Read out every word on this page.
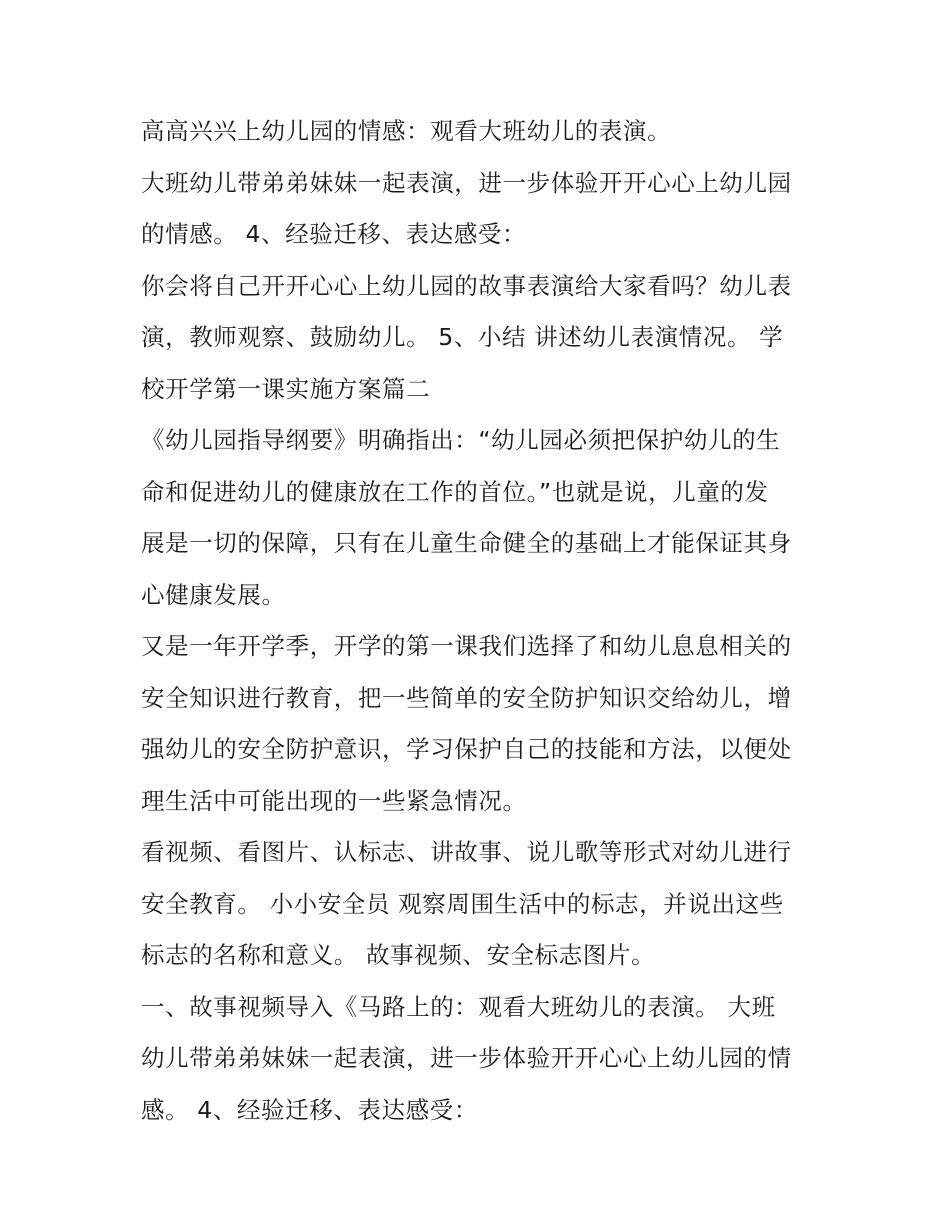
高高兴兴上幼儿园的情感：观看大班幼儿的表演。

大班幼儿带弟弟妹妹一起表演，进一步体验开开心心上幼儿园
的情感。 4、经验迁移、表达感受：

你会将自己开开心心上幼儿园的故事表演给大家看吗？幼儿表
演，教师观察、鼓励幼儿。 5、小结 讲述幼儿表演情况。 学
校开学第一课实施方案篇二

《幼儿园指导纲要》明确指出：“幼儿园必须把保护幼儿的生
命和促进幼儿的健康放在工作的首位。”也就是说，儿童的发
展是一切的保障，只有在儿童生命健全的基础上才能保证其身
心健康发展。

又是一年开学季，开学的第一课我们选择了和幼儿息息相关的
安全知识进行教育，把一些简单的安全防护知识交给幼儿，增
强幼儿的安全防护意识，学习保护自己的技能和方法，以便处
理生活中可能出现的一些紧急情况。

看视频、看图片、认标志、讲故事、说儿歌等形式对幼儿进行
安全教育。 小小安全员 观察周围生活中的标志，并说出这些
标志的名称和意义。 故事视频、安全标志图片。

一、故事视频导入《马路上的：观看大班幼儿的表演。 大班
幼儿带弟弟妹妹一起表演，进一步体验开开心心上幼儿园的情
感。 4、经验迁移、表达感受：
